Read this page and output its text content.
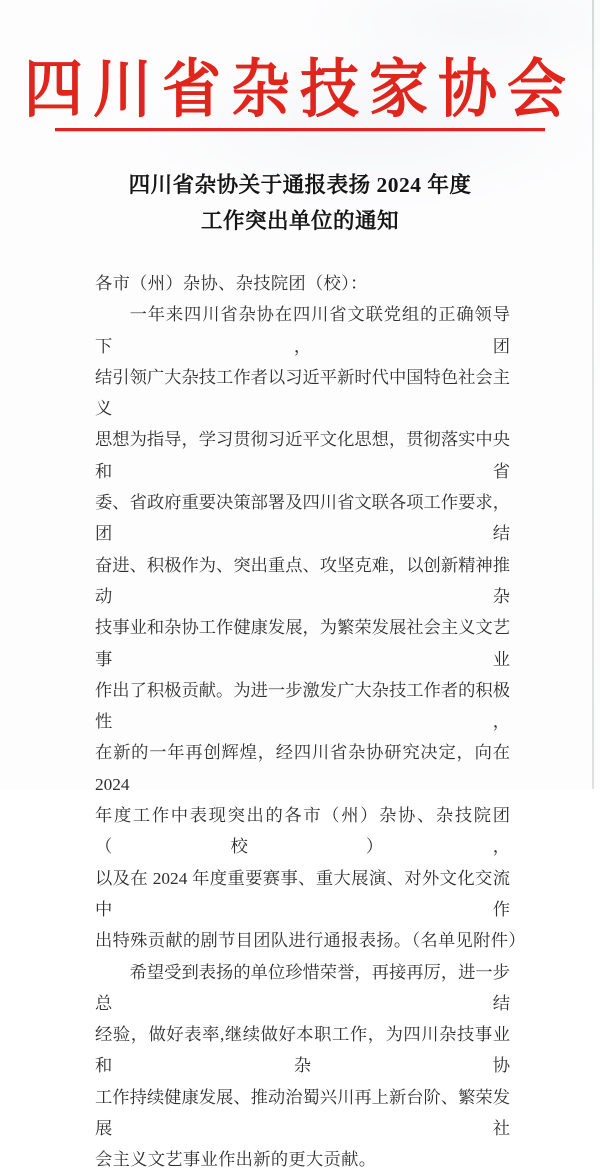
四川省杂技家协会
四川省杂协关于通报表扬 2024 年度
工作突出单位的通知

各市（州）杂协、杂技院团（校）：

一年来四川省杂协在四川省文联党组的正确领导下，团

结引领广大杂技工作者以习近平新时代中国特色社会主义

思想为指导，学习贯彻习近平文化思想，贯彻落实中央和省

委、省政府重要决策部署及四川省文联各项工作要求，团结

奋进、积极作为、突出重点、攻坚克难，以创新精神推动杂

技事业和杂协工作健康发展，为繁荣发展社会主义文艺事业

作出了积极贡献。为进一步激发广大杂技工作者的积极性，

在新的一年再创辉煌，经四川省杂协研究决定，向在 2024

年度工作中表现突出的各市（州）杂协、杂技院团（校），

以及在 2024 年度重要赛事、重大展演、对外文化交流中作

出特殊贡献的剧节目团队进行通报表扬。（名单见附件）

希望受到表扬的单位珍惜荣誉，再接再厉，进一步总结

经验，做好表率,继续做好本职工作，为四川杂技事业和杂协

工作持续健康发展、推动治蜀兴川再上新台阶、繁荣发展社

会主义文艺事业作出新的更大贡献。
